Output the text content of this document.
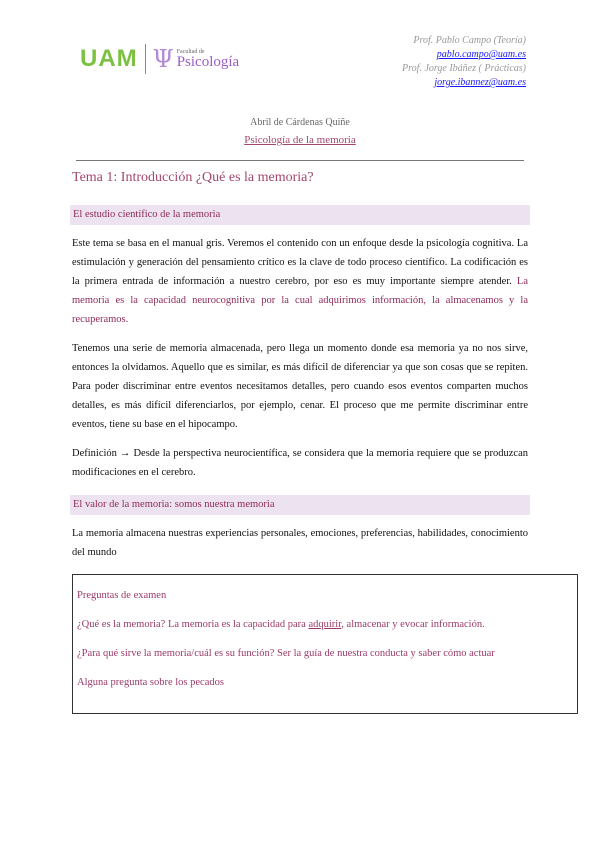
UAM Ψ Facultad de
Psicología
Prof. Pablo Campo (Teoría)
pablo.campo@uam.es
Prof. Jorge Ibáñez ( Prácticas)
jorge.ibannez@uam.es
Abril de Cárdenas Quiñe
Psicología de la memoria
Tema 1: Introducción ¿Qué es la memoria?
El estudio científico de la memoria
Este tema se basa en el manual gris. Veremos el contenido con un enfoque desde la psicología cognitiva. La estimulación y generación del pensamiento crítico es la clave de todo proceso científico. La codificación es la primera entrada de información a nuestro cerebro, por eso es muy importante siempre atender. La memoria es la capacidad neurocognitiva por la cual adquirimos información, la almacenamos y la recuperamos.
Tenemos una serie de memoria almacenada, pero llega un momento donde esa memoria ya no nos sirve, entonces la olvidamos. Aquello que es similar, es más difícil de diferenciar ya que son cosas que se repiten. Para poder discriminar entre eventos necesitamos detalles, pero cuando esos eventos comparten muchos detalles, es más difícil diferenciarlos, por ejemplo, cenar. El proceso que me permite discriminar entre eventos, tiene su base en el hipocampo.
Definición → Desde la perspectiva neurocientífica, se considera que la memoria requiere que se produzcan modificaciones en el cerebro.
El valor de la memoria: somos nuestra memoria
La memoria almacena nuestras experiencias personales, emociones, preferencias, habilidades, conocimiento del mundo
Preguntas de examen
¿Qué es la memoria? La memoria es la capacidad para adquirir, almacenar y evocar información.
¿Para qué sirve la memoria/cuál es su función? Ser la guía de nuestra conducta y saber cómo actuar
Alguna pregunta sobre los pecados
